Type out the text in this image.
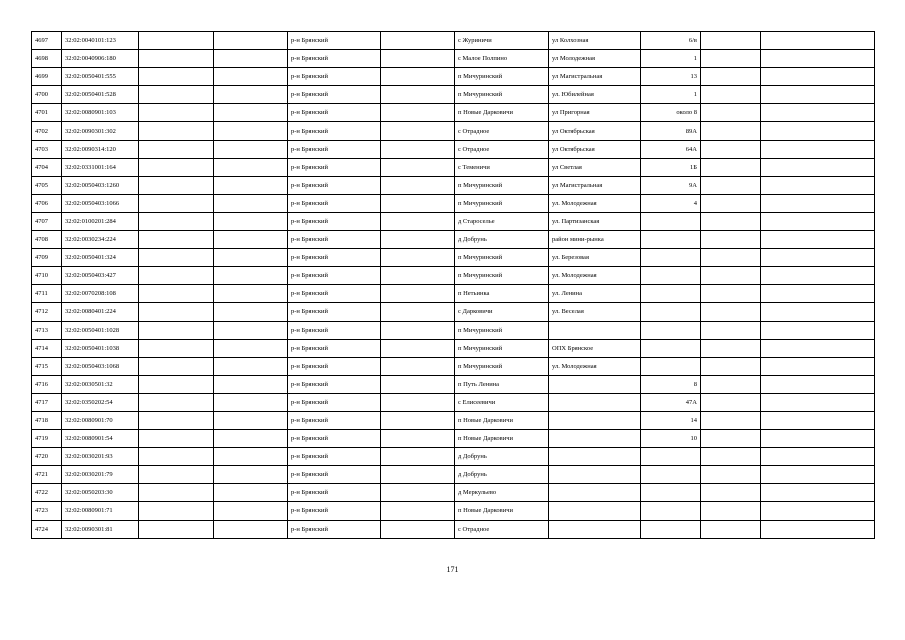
4697	32:02:0040101:123			р-н Брянский		с Журиничи	ул Колхозная	6/в		
4698	32:02:0040906:180			р-н Брянский		с Малое Полпино	ул Молодежная	1		
4699	32:02:0050401:555			р-н Брянский		п Мичуринский	ул Магистральная	13		
4700	32:02:0050401:528			р-н Брянский		п Мичуринский	ул. Юбилейная	1		
4701	32:02:0080901:103			р-н Брянский		п Новые Дарковичи	ул Пригорная	около 8		
4702	32:02:0090301:302			р-н Брянский		с Отрадное	ул Октябрьская	89А		
4703	32:02:0090314:120			р-н Брянский		с Отрадное	ул Октябрьская	64А		
4704	32:02:0331001:164			р-н Брянский		с Теменичи	ул Светлая	1Б		
4705	32:02:0050403:1260			р-н Брянский		п Мичуринский	ул Магистральная	9А		
4706	32:02:0050403:1066			р-н Брянский		п Мичуринский	ул. Молодежная	4		
4707	32:02:0100201:284			р-н Брянский		д Старосельe	ул. Партизанская			
4708	32:02:0030234:224			р-н Брянский		д Добрунь	район мини-рынка			
4709	32:02:0050401:324			р-н Брянский		п Мичуринский	ул. Березовая			
4710	32:02:0050403:427			р-н Брянский		п Мичуринский	ул. Молодежная			
4711	32:02:0070208:108			р-н Брянский		п Нетьинка	ул. Ленина			
4712	32:02:0080401:224			р-н Брянский		с Дарковичи	ул. Веселая			
4713	32:02:0050401:1028			р-н Брянский		п Мичуринский				
4714	32:02:0050401:1038			р-н Брянский		п Мичуринский	ОПХ Брянское			
4715	32:02:0050403:1068			р-н Брянский		п Мичуринский	ул. Молодежная			
4716	32:02:0030501:32			р-н Брянский		п Путь Ленина		8		
4717	32:02:0350202:54			р-н Брянский		с Елисеевичи		47А		
4718	32:02:0080901:70			р-н Брянский		п Новые Дарковичи		14		
4719	32:02:0080901:54			р-н Брянский		п Новые Дарковичи		10		
4720	32:02:0030201:93			р-н Брянский		д Добрунь				
4721	32:02:0030201:79			р-н Брянский		д Добрунь				
4722	32:02:0050203:30			р-н Брянский		д Меркульево				
4723	32:02:0080901:71			р-н Брянский		п Новые Дарковичи				
4724	32:02:0090301:81			р-н Брянский		с Отрадное				
171
